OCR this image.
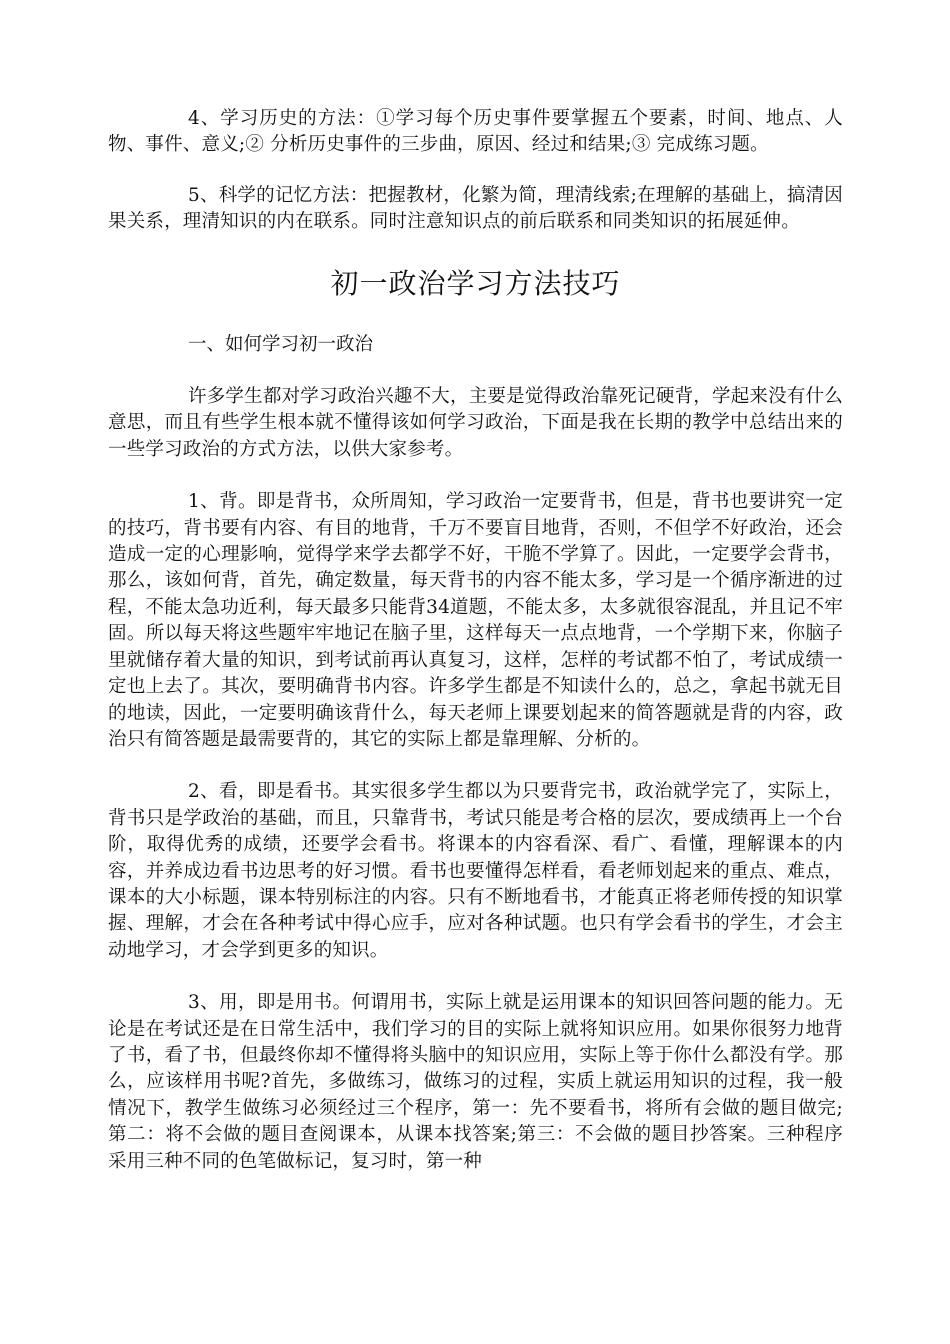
4、学习历史的方法：①学习每个历史事件要掌握五个要素，时间、地点、人物、事件、意义;② 分析历史事件的三步曲，原因、经过和结果;③ 完成练习题。

5、科学的记忆方法：把握教材，化繁为简，理清线索;在理解的基础上，搞清因果关系，理清知识的内在联系。同时注意知识点的前后联系和同类知识的拓展延伸。

初一政治学习方法技巧

一、如何学习初一政治

许多学生都对学习政治兴趣不大，主要是觉得政治靠死记硬背，学起来没有什么意思，而且有些学生根本就不懂得该如何学习政治，下面是我在长期的教学中总结出来的一些学习政治的方式方法，以供大家参考。

1、背。即是背书，众所周知，学习政治一定要背书，但是，背书也要讲究一定的技巧，背书要有内容、有目的地背，千万不要盲目地背，否则，不但学不好政治，还会造成一定的心理影响，觉得学来学去都学不好，干脆不学算了。因此，一定要学会背书，那么，该如何背，首先，确定数量，每天背书的内容不能太多，学习是一个循序渐进的过程，不能太急功近利，每天最多只能背34道题，不能太多，太多就很容混乱，并且记不牢固。所以每天将这些题牢牢地记在脑子里，这样每天一点点地背，一个学期下来，你脑子里就储存着大量的知识，到考试前再认真复习，这样，怎样的考试都不怕了，考试成绩一定也上去了。其次，要明确背书内容。许多学生都是不知读什么的，总之，拿起书就无目的地读，因此，一定要明确该背什么，每天老师上课要划起来的简答题就是背的内容，政治只有简答题是最需要背的，其它的实际上都是靠理解、分析的。

2、看，即是看书。其实很多学生都以为只要背完书，政治就学完了，实际上，背书只是学政治的基础，而且，只靠背书，考试只能是考合格的层次，要成绩再上一个台阶，取得优秀的成绩，还要学会看书。将课本的内容看深、看广、看懂，理解课本的内容，并养成边看书边思考的好习惯。看书也要懂得怎样看，看老师划起来的重点、难点，课本的大小标题，课本特别标注的内容。只有不断地看书，才能真正将老师传授的知识掌握、理解，才会在各种考试中得心应手，应对各种试题。也只有学会看书的学生，才会主动地学习，才会学到更多的知识。

3、用，即是用书。何谓用书，实际上就是运用课本的知识回答问题的能力。无论是在考试还是在日常生活中，我们学习的目的实际上就将知识应用。如果你很努力地背了书，看了书，但最终你却不懂得将头脑中的知识应用，实际上等于你什么都没有学。那么，应该样用书呢?首先，多做练习，做练习的过程，实质上就运用知识的过程，我一般情况下，教学生做练习必须经过三个程序，第一：先不要看书，将所有会做的题目做完;第二：将不会做的题目查阅课本，从课本找答案;第三：不会做的题目抄答案。三种程序采用三种不同的色笔做标记，复习时，第一种
